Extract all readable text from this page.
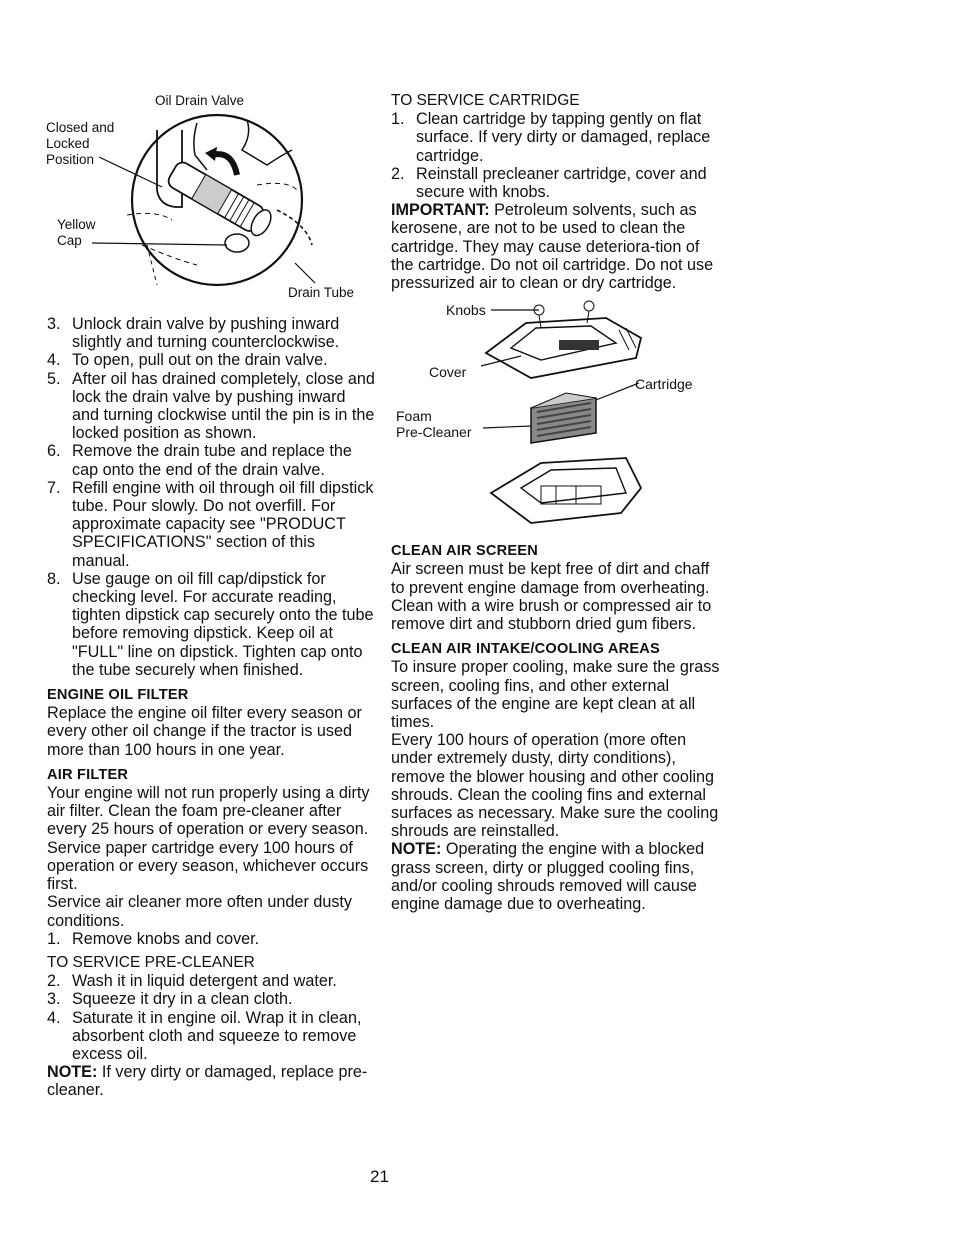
Oil Drain Valve
Closed and
Locked
Position
Yellow
Cap
Drain Tube
3. Unlock drain valve by pushing inward slightly and turning counterclockwise.
4. To open, pull out on the drain valve.
5. After oil has drained completely, close and lock the drain valve by pushing inward and turning clockwise until the pin is in the locked position as shown.
6. Remove the drain tube and replace the cap onto the end of the drain valve.
7. Refill engine with oil through oil fill dipstick tube. Pour slowly. Do not overfill. For approximate capacity see "PRODUCT SPECIFICATIONS" section of this manual.
8. Use gauge on oil fill cap/dipstick for checking level. For accurate reading, tighten dipstick cap securely onto the tube before removing dipstick. Keep oil at "FULL" line on dipstick. Tighten cap onto the tube securely when finished.

ENGINE OIL FILTER

Replace the engine oil filter every season or every other oil change if the tractor is used more than 100 hours in one year.

AIR FILTER

Your engine will not run properly using a dirty air filter. Clean the foam pre-cleaner after every 25 hours of operation or every season. Service paper cartridge every 100 hours of operation or every season, whichever occurs first.

Service air cleaner more often under dusty conditions.

1. Remove knobs and cover.

TO SERVICE PRE-CLEANER

2. Wash it in liquid detergent and water.
3. Squeeze it dry in a clean cloth.
4. Saturate it in engine oil. Wrap it in clean, absorbent cloth and squeeze to remove excess oil.

NOTE: If very dirty or damaged, replace pre-cleaner.

TO SERVICE CARTRIDGE

1. Clean cartridge by tapping gently on flat surface. If very dirty or damaged, replace cartridge.
2. Reinstall precleaner cartridge, cover and secure with knobs.

IMPORTANT: Petroleum solvents, such as kerosene, are not to be used to clean the cartridge. They may cause deteriora-tion of the cartridge. Do not oil cartridge. Do not use pressurized air to clean or dry cartridge.

Knobs
Cover
Cartridge
Foam
Pre-Cleaner

CLEAN AIR SCREEN

Air screen must be kept free of dirt and chaff to prevent engine damage from overheating. Clean with a wire brush or compressed air to remove dirt and stubborn dried gum fibers.

CLEAN AIR INTAKE/COOLING AREAS

To insure proper cooling, make sure the grass screen, cooling fins, and other external surfaces of the engine are kept clean at all times.

Every 100 hours of operation (more often under extremely dusty, dirty conditions), remove the blower housing and other cooling shrouds. Clean the cooling fins and external surfaces as necessary. Make sure the cooling shrouds are reinstalled.

NOTE: Operating the engine with a blocked grass screen, dirty or plugged cooling fins, and/or cooling shrouds removed will cause engine damage due to overheating.

21
